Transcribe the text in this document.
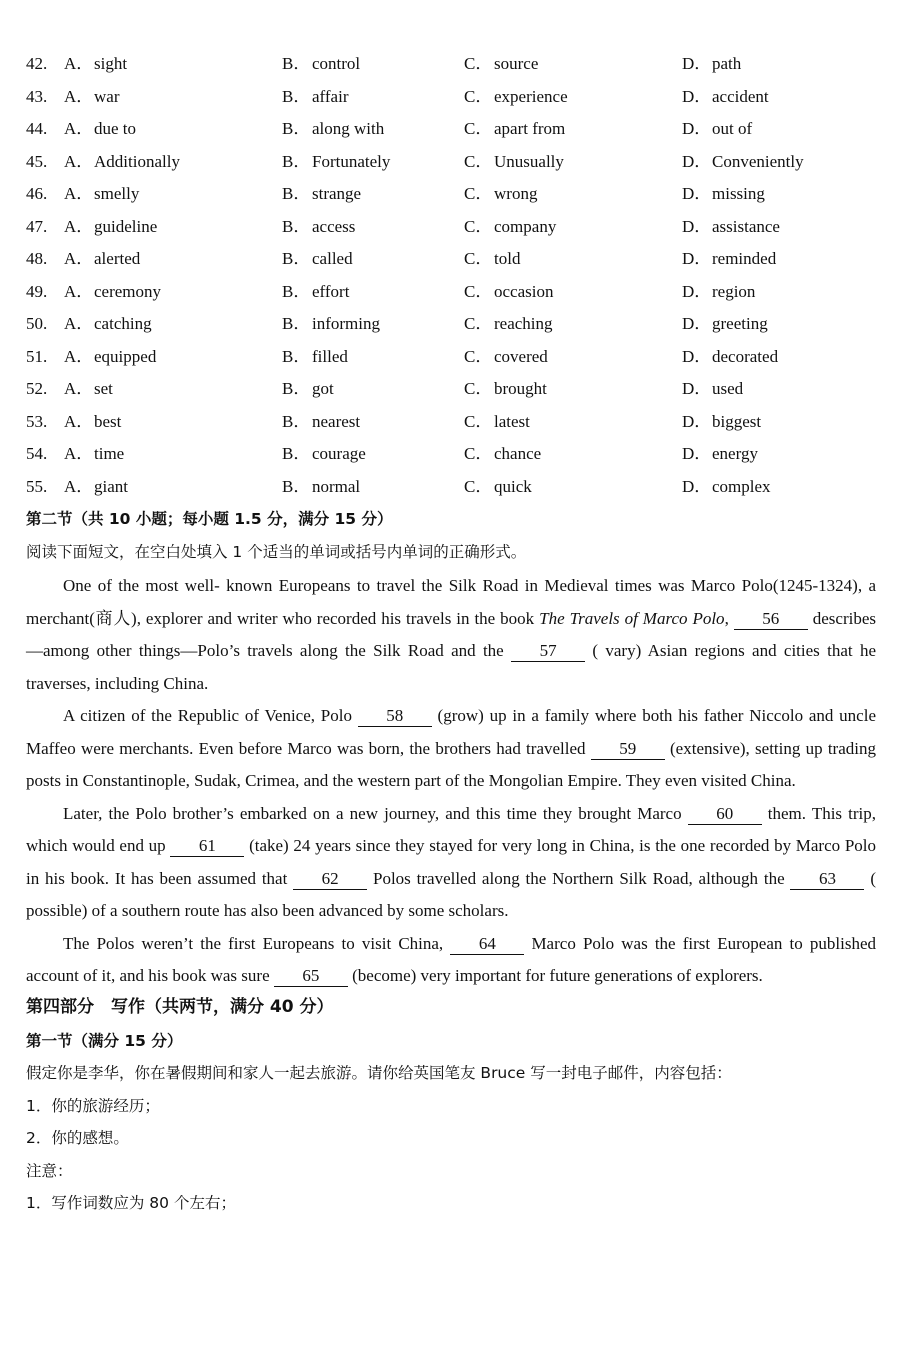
42. A．sight	B．control	C．source	D．path
43. A．war	B．affair	C．experience	D．accident
44. A．due to	B．along with	C．apart from	D．out of
45. A．Additionally	B．Fortunately	C．Unusually	D．Conveniently
46. A．smelly	B．strange	C．wrong	D．missing
47. A．guideline	B．access	C．company	D．assistance
48. A．alerted	B．called	C．told	D．reminded
49. A．ceremony	B．effort	C．occasion	D．region
50. A．catching	B．informing	C．reaching	D．greeting
51. A．equipped	B．filled	C．covered	D．decorated
52. A．set	B．got	C．brought	D．used
53. A．best	B．nearest	C．latest	D．biggest
54. A．time	B．courage	C．chance	D．energy
55. A．giant	B．normal	C．quick	D．complex
第二节（共 10 小题；每小题 1.5 分，满分 15 分）
阅读下面短文，在空白处填入 1 个适当的单词或括号内单词的正确形式。

One of the most well- known Europeans to travel the Silk Road in Medieval times was Marco Polo(1245-1324), a merchant(商人), explorer and writer who recorded his travels in the book The Travels of Marco Polo, 56 describes—among other things—Polo’s travels along the Silk Road and the 57 ( vary) Asian regions and cities that he traverses, including China.

A citizen of the Republic of Venice, Polo 58 (grow) up in a family where both his father Niccolo and uncle Maffeo were merchants. Even before Marco was born, the brothers had travelled 59 (extensive), setting up trading posts in Constantinople, Sudak, Crimea, and the western part of the Mongolian Empire. They even visited China.

Later, the Polo brother’s embarked on a new journey, and this time they brought Marco 60 them. This trip, which would end up 61 (take) 24 years since they stayed for very long in China, is the one recorded by Marco Polo in his book. It has been assumed that 62 Polos travelled along the Northern Silk Road, although the 63 ( possible) of a southern route has also been advanced by some scholars.

The Polos weren’t the first Europeans to visit China, 64 Marco Polo was the first European to published account of it, and his book was sure 65 (become) very important for future generations of explorers.

第四部分　写作（共两节，满分 40 分）
第一节（满分 15 分）
假定你是李华，你在暑假期间和家人一起去旅游。请你给英国笔友 Bruce 写一封电子邮件，内容包括：
1．你的旅游经历；
2．你的感想。
注意：
1．写作词数应为 80 个左右；
